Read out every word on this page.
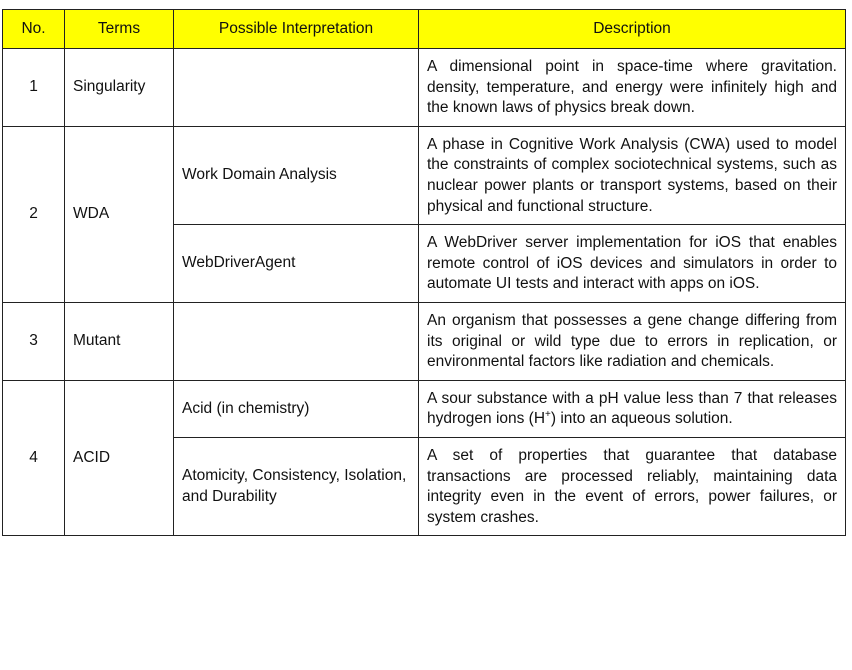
No.	Terms	Possible Interpretation	Description
1	Singularity		A dimensional point in space-time where gravitation. density, temperature, and energy were infinitely high and the known laws of physics break down.
2	WDA	Work Domain Analysis	A phase in Cognitive Work Analysis (CWA) used to model the constraints of complex sociotechnical systems, such as nuclear power plants or transport systems, based on their physical and functional structure.
		WebDriverAgent	A WebDriver server implementation for iOS that enables remote control of iOS devices and simulators in order to automate UI tests and interact with apps on iOS.
3	Mutant		An organism that possesses a gene change differing from its original or wild type due to errors in replication, or environmental factors like radiation and chemicals.
4	ACID	Acid (in chemistry)	A sour substance with a pH value less than 7 that releases hydrogen ions (H+) into an aqueous solution.
		Atomicity, Consistency, Isolation, and Durability	A set of properties that guarantee that database transactions are processed reliably, maintaining data integrity even in the event of errors, power failures, or system crashes.
